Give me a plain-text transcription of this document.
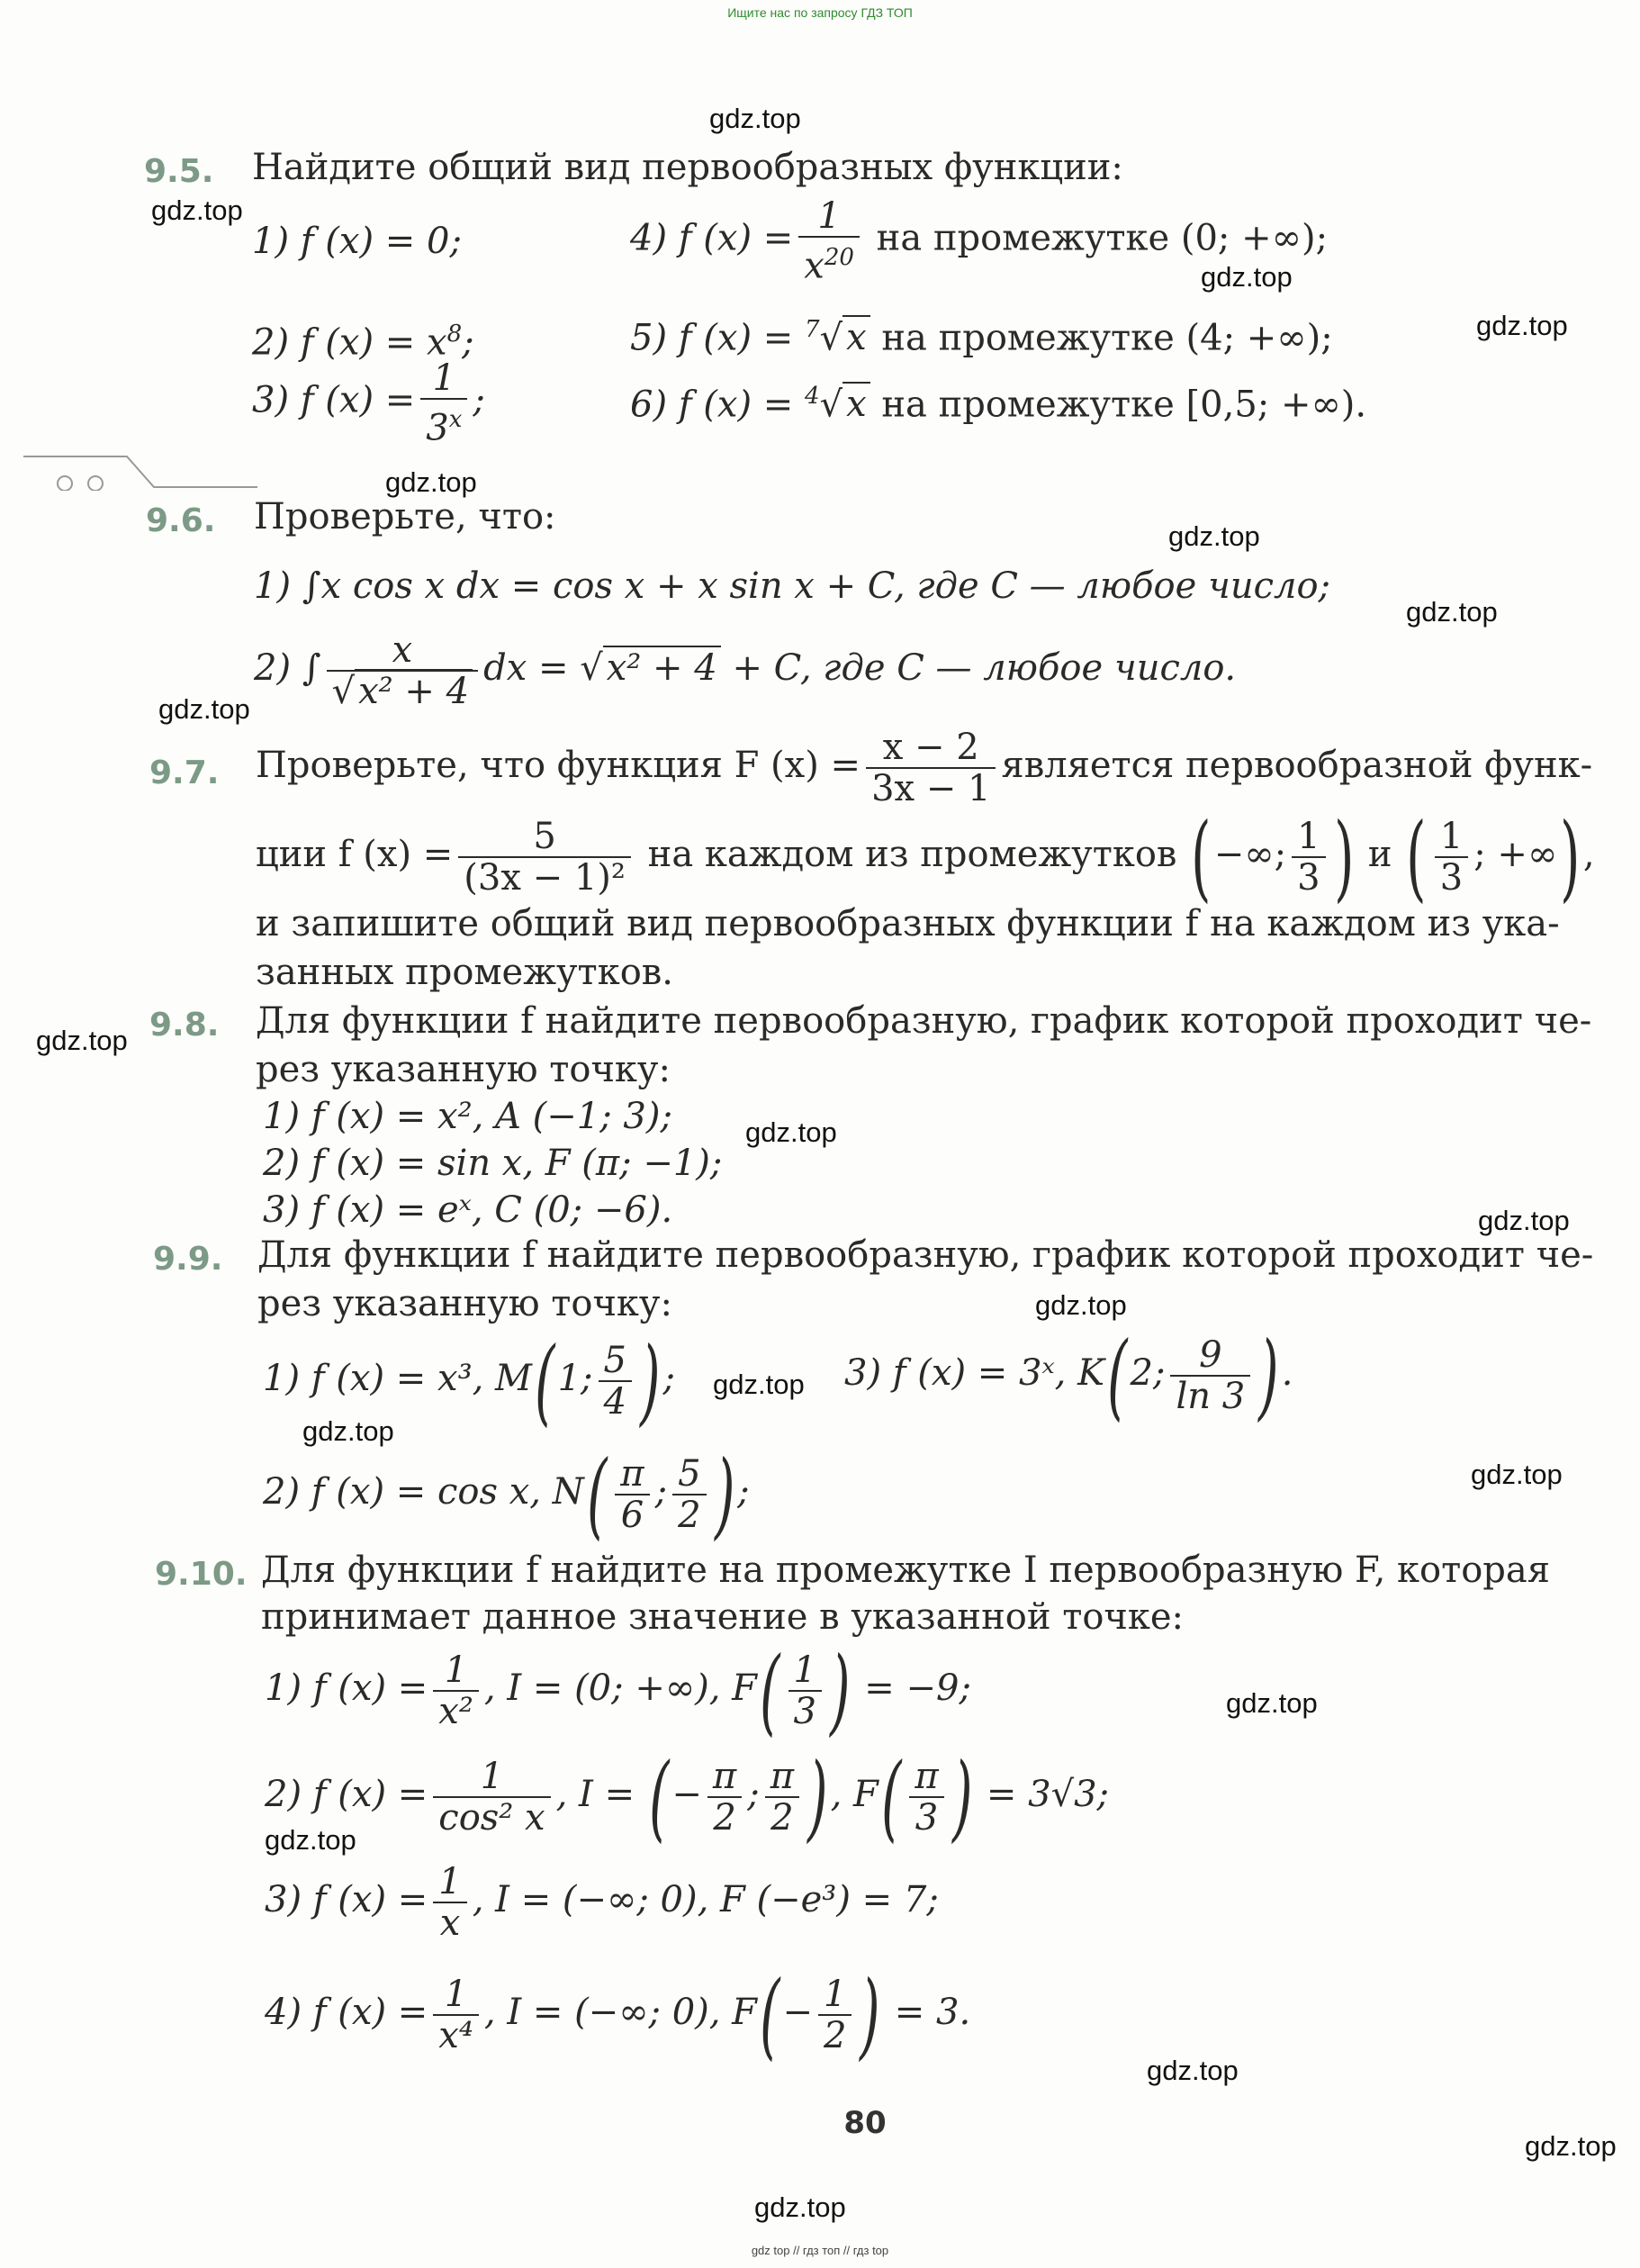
Ищите нас по запросу ГДЗ ТОП
gdz.top
gdz.top
gdz.top
gdz.top
gdz.top
gdz.top
gdz.top
gdz.top
gdz.top
gdz.top
gdz.top
gdz.top
gdz.top
gdz.top
gdz.top
gdz.top
gdz.top
gdz.top
gdz.top
gdz.top
9.5. Найдите общий вид первообразных функции:
1) f (x) = 0;
2) f $(x) = x^8$;
3) f $(x) = \frac{1}{3^x}$ ;
4) f $(x) = \frac{1}{x^{20}}$ на промежутке (0; +∞);
5) f (x) = $^7$√ x на промежутке (4; +∞);
6) f (x) = $^4$√ x на промежутке [0,5; +∞).
9.6. Проверьте, что:
1) ∫x cos x dx = cos x + x sin x + C, где C — любое число;
2) ∫ $\frac{x}{\text{√ x² + 4}}$ dx = √ x² + 4 + C, где C — любое число.
9.7. Проверьте, что функция F $(x) = \frac{x - 2}{3x - 1}$ является первообразной функ-
ции f $(x) = \frac{5}{\text{(3x − 1)²}}$ на каждом из промежутков (−∞; $\frac{1}{3}$ ) и ( $\frac{1}{3}$ ; +∞),
и запишите общий вид первообразных функции f на каждом из ука-
занных промежутков.
9.8. Для функции f найдите первообразную, график которой проходит че-
рез указанную точку:
1) f (x) = x², A (−1; 3);
2) f (x) = sin x, F (π; −1);
3) f (x) = eˣ, C (0; −6).
9.9. Для функции f найдите первообразную, график которой проходит че-
рез указанную точку:
1) f (x) = x³, M(1; $\frac{5}{4}$ );	3) f (x) = 3ˣ, K(2; $\frac{9}{\ln 3}$ ).
2) f (x) = cos x, $N( \frac{\pi}{6}$ ; $\frac{5}{2}$ );
9.10. Для функции f найдите на промежутке I первообразную F, которая
принимает данное значение в указанной точке:
1) f $(x) = \frac{1}{\text{x²}}$ , I = (0; +∞), $F( \frac{1}{3}$ ) = −9;
2) f $(x) = \frac{1}{\text{cos² x}}$ , I = (− $\frac{\pi}{2}$ ; $\frac{\pi}{2}$ ), $F( \frac{\pi}{3}$ ) = 3√3;
3) f $(x) = \frac{1}{x}$ , I = (−∞; 0), F (−e³) = 7;
4) f $(x) = \frac{1}{\text{x⁴}}$ , I = (−∞; 0), $F(- \frac{1}{2}$ ) = 3.
80
gdz top // гдз топ // гдз top
